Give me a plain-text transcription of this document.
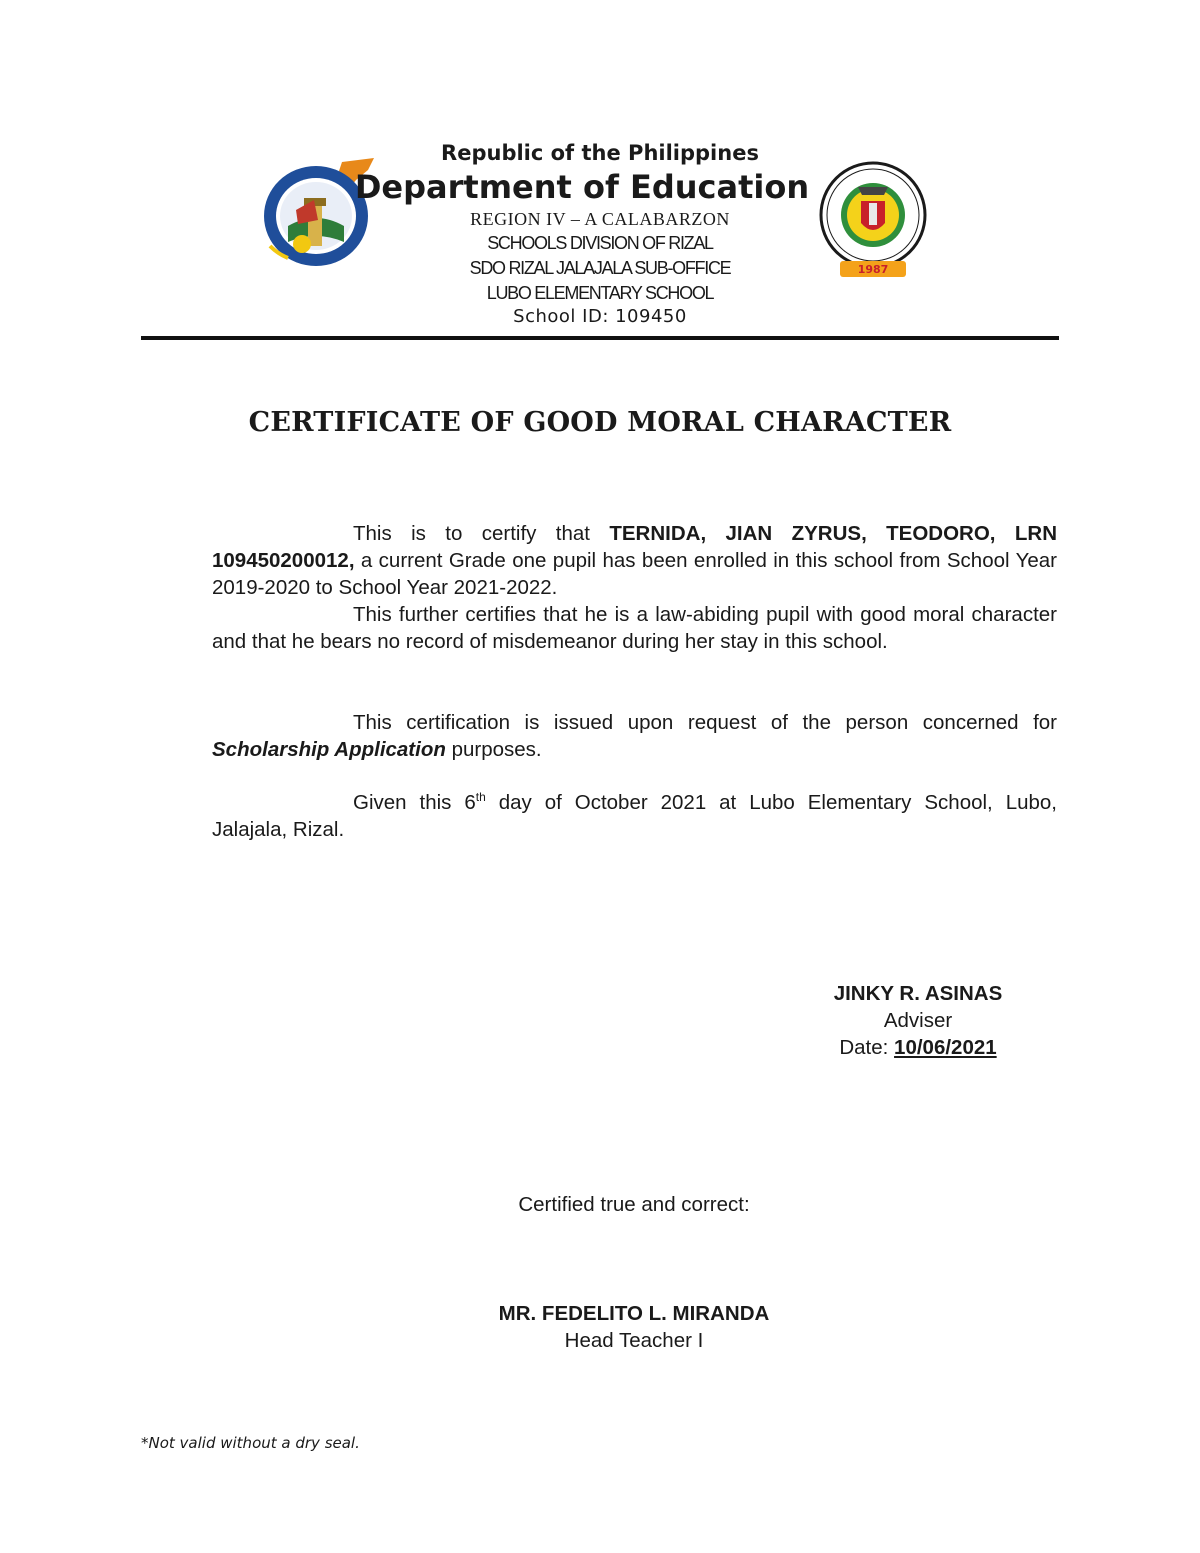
1987
Republic of the Philippines
Department of Education
REGION IV – A CALABARZON
SCHOOLS DIVISION OF RIZAL
SDO RIZAL JALAJALA SUB-OFFICE
LUBO ELEMENTARY SCHOOL
School ID: 109450
CERTIFICATE OF GOOD MORAL CHARACTER
This is to certify that TERNIDA, JIAN ZYRUS, TEODORO, LRN 109450200012, a current Grade one pupil has been enrolled in this school from School Year 2019-2020 to School Year 2021-2022.
This further certifies that he is a law-abiding pupil with good moral character and that he bears no record of misdemeanor during her stay in this school.
This certification is issued upon request of the person concerned for Scholarship Application purposes.
Given this 6th day of October 2021 at Lubo Elementary School, Lubo, Jalajala, Rizal.
JINKY R. ASINAS
Adviser
Date: 10/06/2021
Certified true and correct:
MR. FEDELITO L. MIRANDA
Head Teacher I
*Not valid without a dry seal.
